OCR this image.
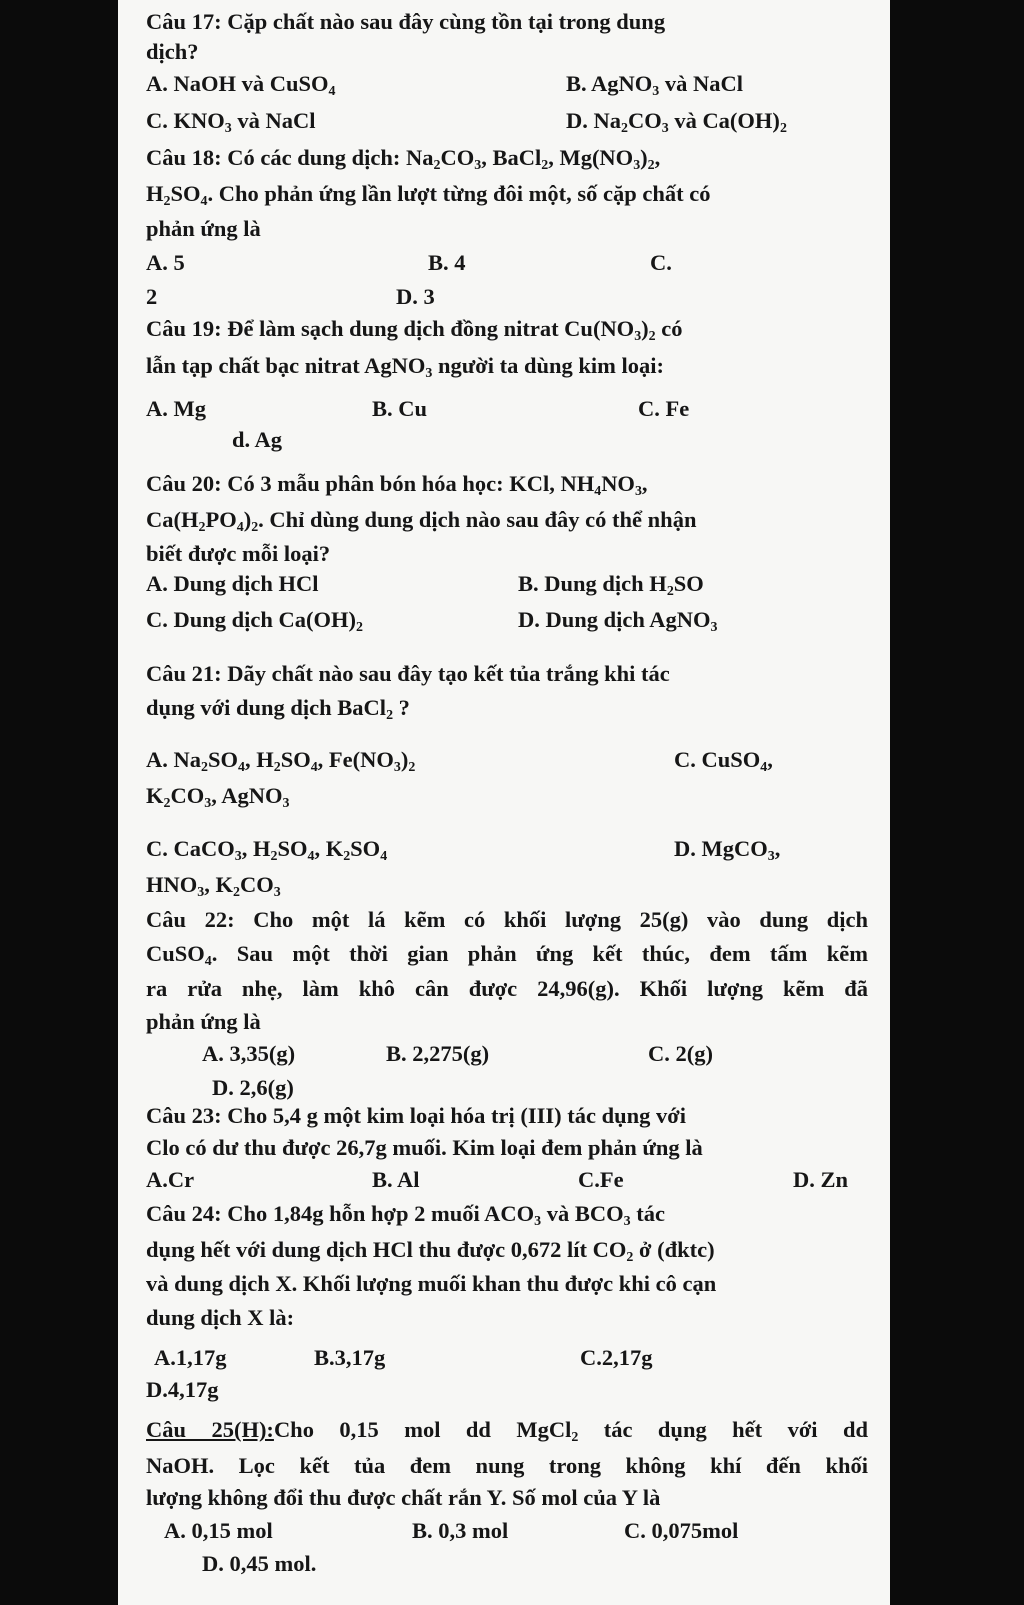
Câu 17: Cặp chất nào sau đây cùng tồn tại trong dung
dịch?
A. NaOH và CuSO$_4$	B. AgNO$_3$ và NaCl
C. $KNO_3$ và NaCl	D. $Na_2CO_3$ và $Ca(OH)_2$
Câu 18: Có các dung dịch: $Na_2CO_3$, BaCl$_2$, $Mg(NO_3)_2$,
$H_2SO_4$. Cho phản ứng lần lượt từng đôi một, số cặp chất có
phản ứng là
A. 5	B. 4	C.
2	D. 3
Câu 19: Để làm sạch dung dịch đồng nitrat $Cu(NO_3)_2$ có
lẫn tạp chất bạc nitrat AgNO$_3$ người ta dùng kim loại:
A. Mg	B. Cu	C. Fe
d. Ag
Câu 20: Có 3 mẫu phân bón hóa học: KCl, $NH_4NO_3$,
$Ca(H_2PO_4)_2$. Chỉ dùng dung dịch nào sau đây có thể nhận
biết được mỗi loại?
A. Dung dịch HCl	B. Dung dịch $H_2SO$
C. Dung dịch $Ca(OH)_2$	D. Dung dịch AgNO$_3$
Câu 21: Dãy chất nào sau đây tạo kết tủa trắng khi tác
dụng với dung dịch BaCl$_2$ ?
A. $Na_2SO_4$, $H_2SO_4$, $Fe(NO_3)_2$	C. CuSO$_4$,
$K_2CO_3$, AgNO$_3$
C. CaCO$_3$, $H_2SO_4$, $K_2SO_4$	D. MgCO$_3$,
$HNO_3$, $K_2CO_3$
Câu 22: Cho một lá kẽm có khối lượng 25(g) vào dung dịch
CuSO$_4$. Sau một thời gian phản ứng kết thúc, đem tấm kẽm
ra rửa nhẹ, làm khô cân được 24,96(g). Khối lượng kẽm đã
phản ứng là
A. 3,35(g)	B. 2,275(g)	C. 2(g)
D. 2,6(g)
Câu 23: Cho 5,4 g một kim loại hóa trị (III) tác dụng với
Clo có dư thu được 26,7g muối. Kim loại đem phản ứng là
A.Cr	B. Al	C.Fe	D. Zn
Câu 24: Cho 1,84g hỗn hợp 2 muối $ACO_3$ và $BCO_3$ tác
dụng hết với dung dịch HCl thu được 0,672 lít $CO_2$ ở (đktc)
và dung dịch X. Khối lượng muối khan thu được khi cô cạn
dung dịch X là:
A.1,17g	B.3,17g	C.2,17g
D.4,17g
Câu 25(H):Cho 0,15 mol dd MgCl$_2$ tác dụng hết với dd
NaOH. Lọc kết tủa đem nung trong không khí đến khối
lượng không đổi thu được chất rắn Y. Số mol của Y là
A. 0,15 mol	B. 0,3 mol	C. 0,075mol
D. 0,45 mol.
